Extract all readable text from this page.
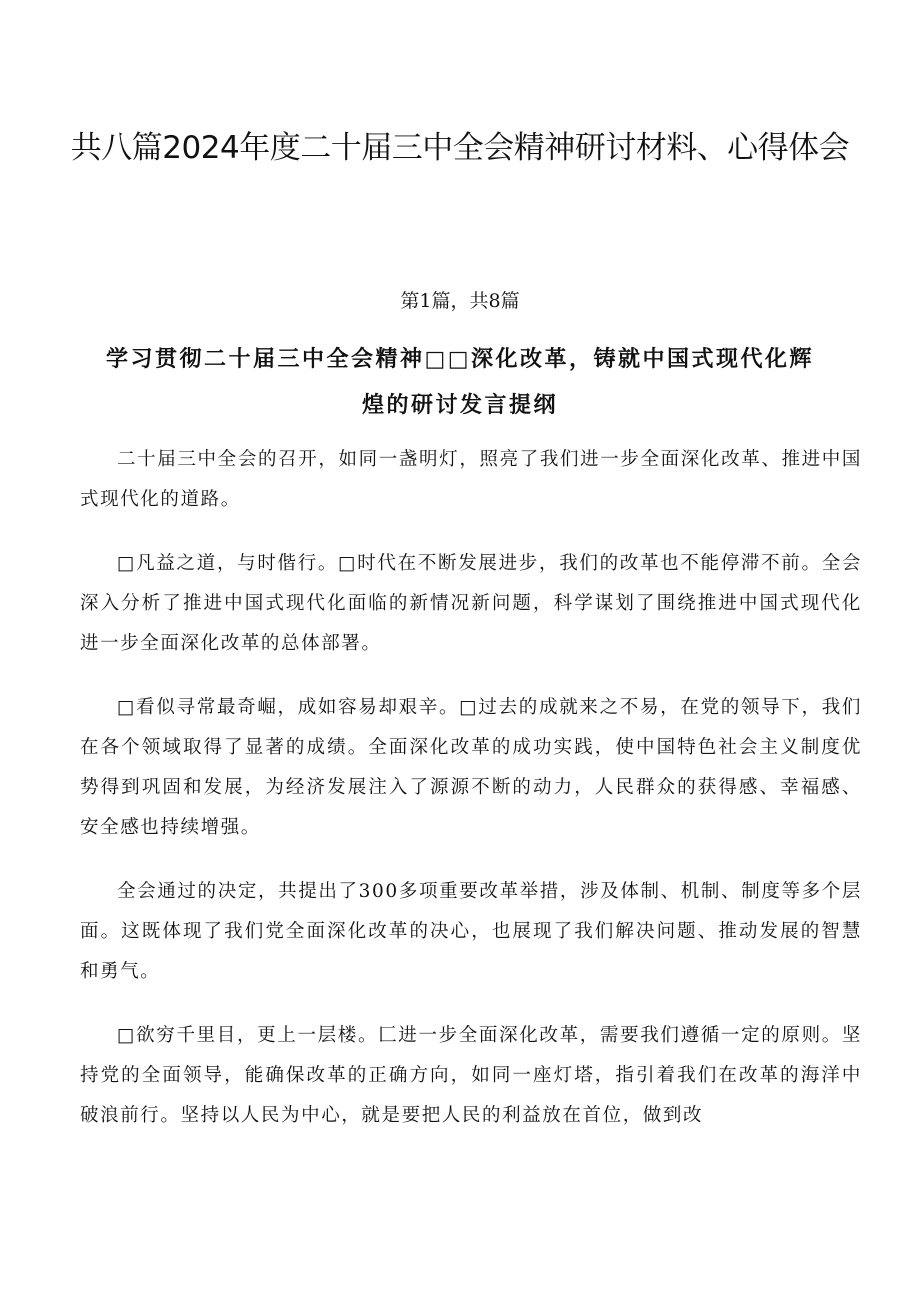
共八篇2024年度二十届三中全会精神研讨材料、心得体会
第1篇，共8篇
学习贯彻二十届三中全会精神□□深化改革，铸就中国式现代化辉煌的研讨发言提纲

二十届三中全会的召开，如同一盏明灯，照亮了我们进一步全面深化改革、推进中国式现代化的道路。

□凡益之道，与时偕行。□时代在不断发展进步，我们的改革也不能停滞不前。全会深入分析了推进中国式现代化面临的新情况新问题，科学谋划了围绕推进中国式现代化进一步全面深化改革的总体部署。

□看似寻常最奇崛，成如容易却艰辛。□过去的成就来之不易，在党的领导下，我们在各个领域取得了显著的成绩。全面深化改革的成功实践，使中国特色社会主义制度优势得到巩固和发展，为经济发展注入了源源不断的动力，人民群众的获得感、幸福感、安全感也持续增强。

全会通过的决定，共提出了300多项重要改革举措，涉及体制、机制、制度等多个层面。这既体现了我们党全面深化改革的决心，也展现了我们解决问题、推动发展的智慧和勇气。

□欲穷千里目，更上一层楼。匚进一步全面深化改革，需要我们遵循一定的原则。坚持党的全面领导，能确保改革的正确方向，如同一座灯塔，指引着我们在改革的海洋中破浪前行。坚持以人民为中心，就是要把人民的利益放在首位，做到改
